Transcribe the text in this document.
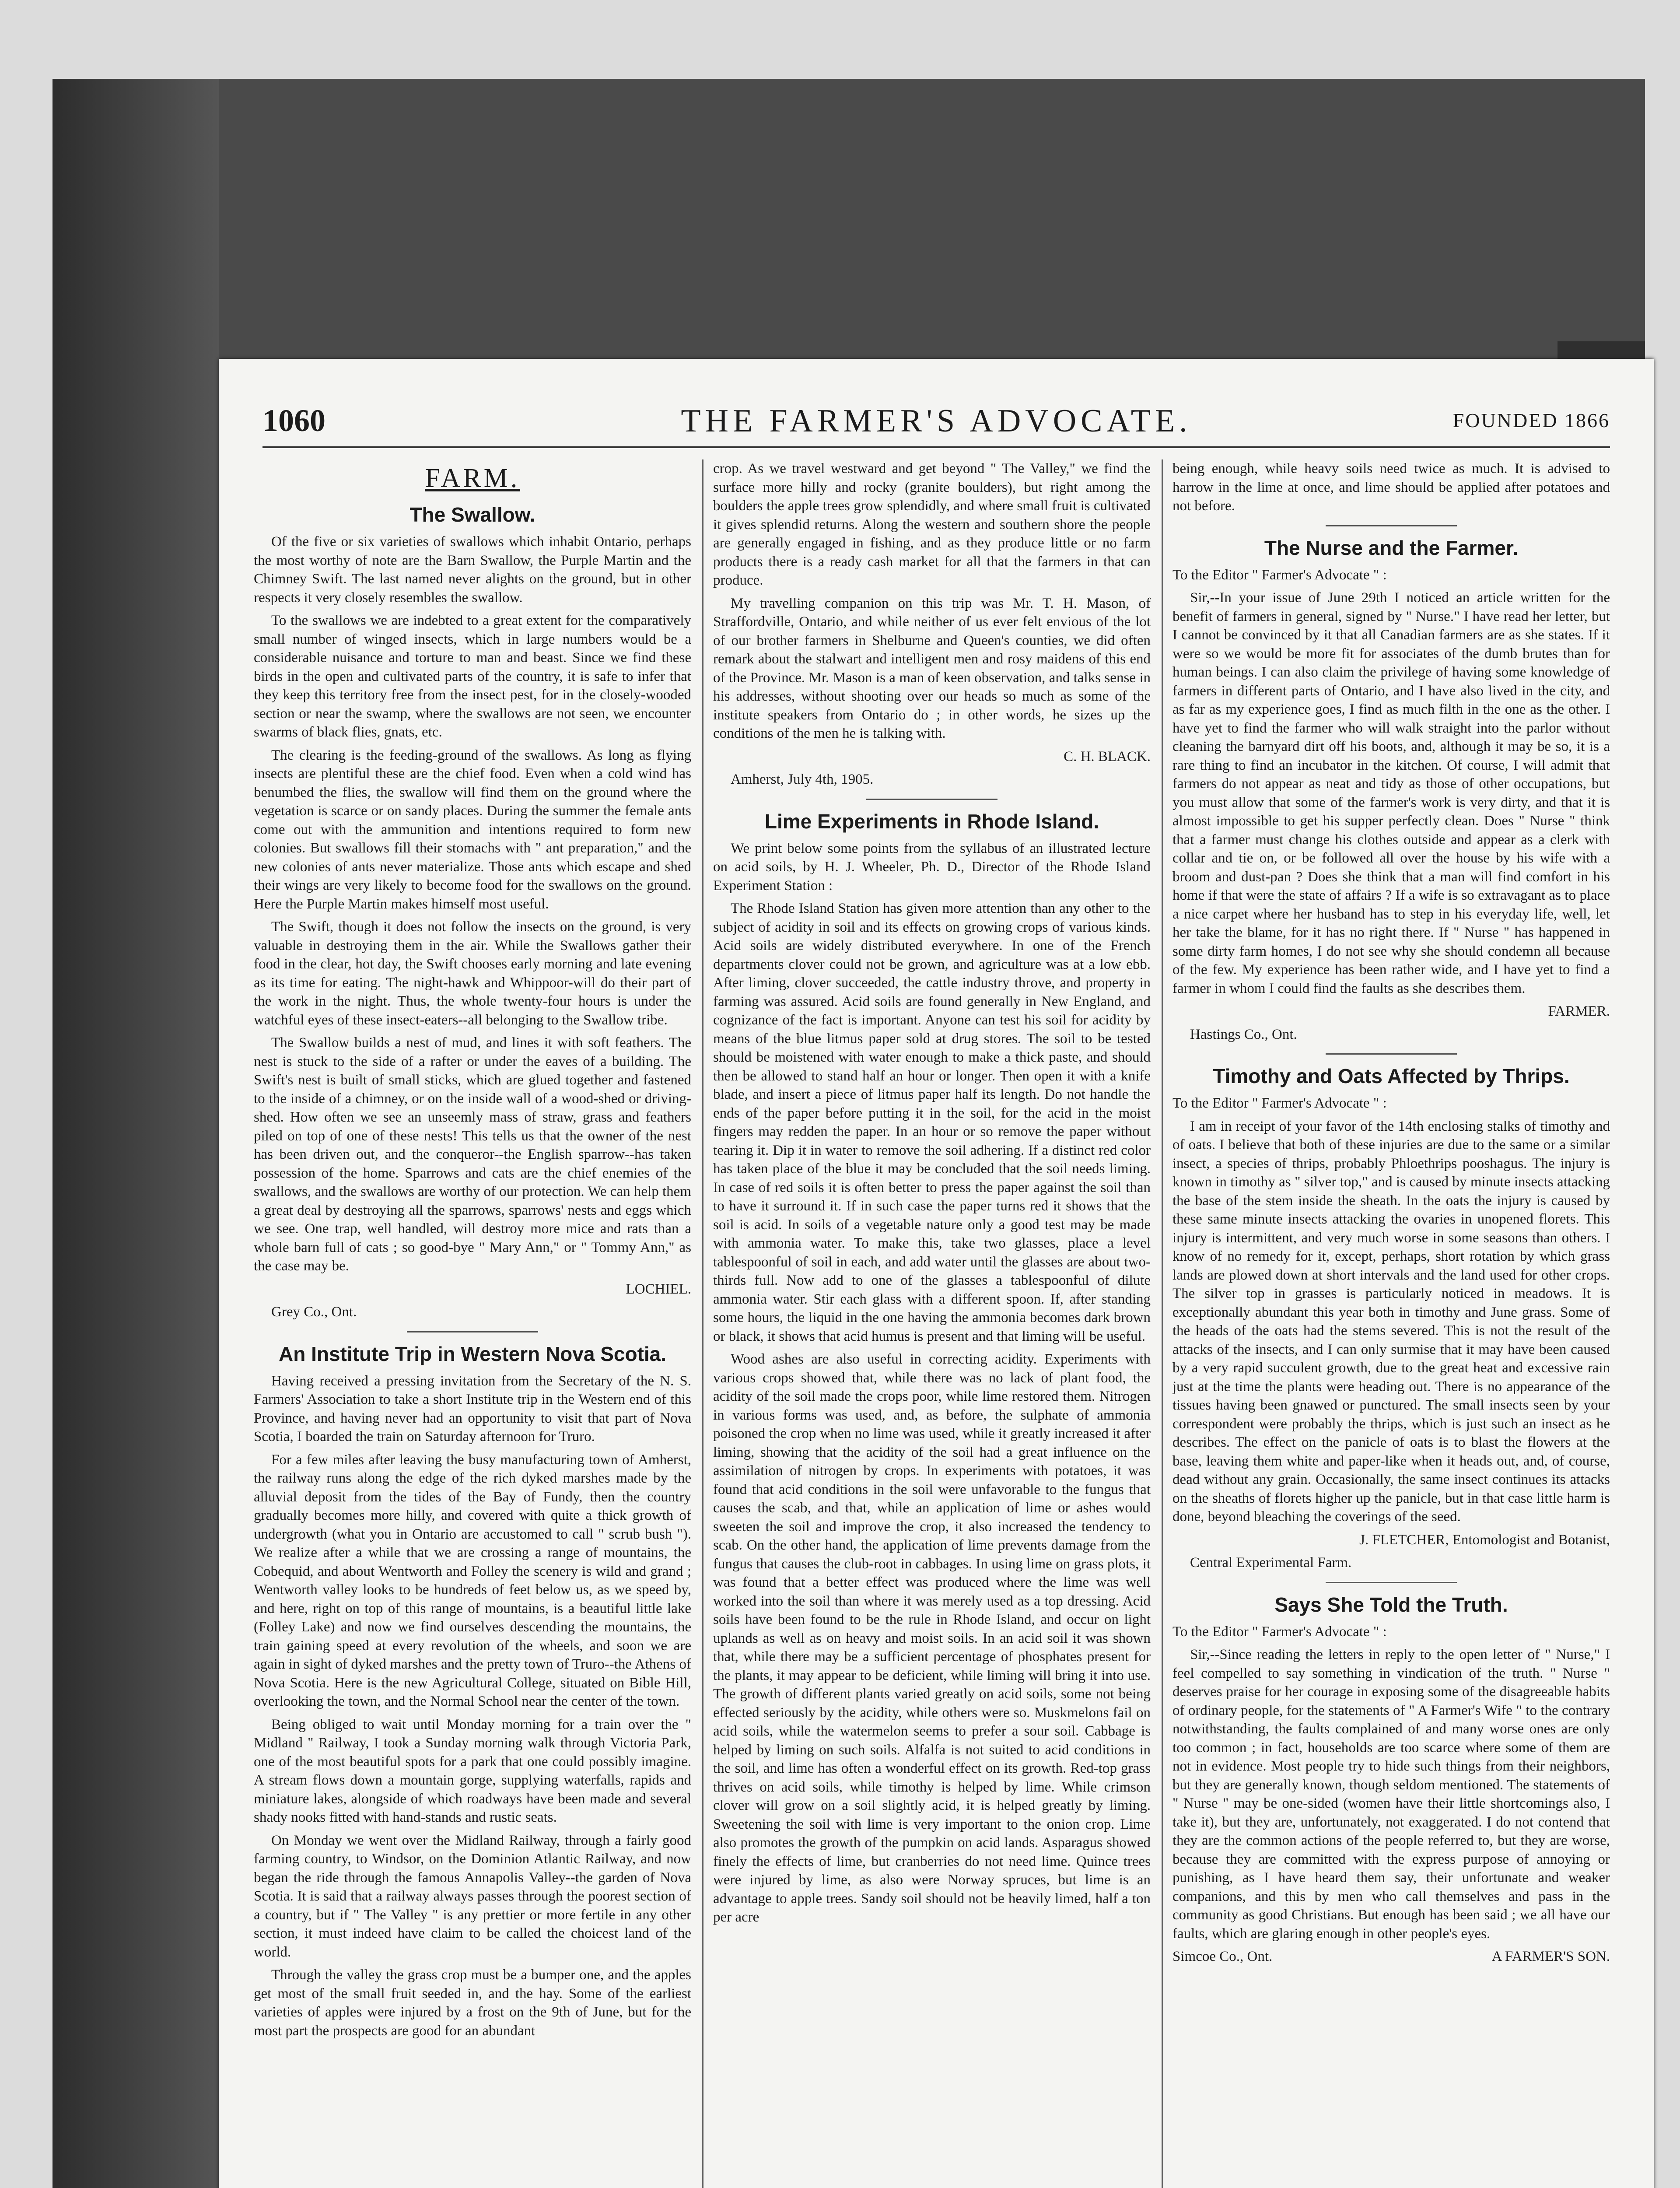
1060	THE FARMER'S ADVOCATE.	FOUNDED 1866
FARM.
The Swallow.

Of the five or six varieties of swallows which inhabit Ontario, perhaps the most worthy of note are the Barn Swallow, the Purple Martin and the Chimney Swift. The last named never alights on the ground, but in other respects it very closely resembles the swallow.

To the swallows we are indebted to a great extent for the comparatively small number of winged insects, which in large numbers would be a considerable nuisance and torture to man and beast. Since we find these birds in the open and cultivated parts of the country, it is safe to infer that they keep this territory free from the insect pest, for in the closely-wooded section or near the swamp, where the swallows are not seen, we encounter swarms of black flies, gnats, etc.

The clearing is the feeding-ground of the swallows. As long as flying insects are plentiful these are the chief food. Even when a cold wind has benumbed the flies, the swallow will find them on the ground where the vegetation is scarce or on sandy places. During the summer the female ants come out with the ammunition and intentions required to form new colonies. But swallows fill their stomachs with " ant preparation," and the new colonies of ants never materialize. Those ants which escape and shed their wings are very likely to become food for the swallows on the ground. Here the Purple Martin makes himself most useful.

The Swift, though it does not follow the insects on the ground, is very valuable in destroying them in the air. While the Swallows gather their food in the clear, hot day, the Swift chooses early morning and late evening as its time for eating. The night-hawk and Whippoor-will do their part of the work in the night. Thus, the whole twenty-four hours is under the watchful eyes of these insect-eaters--all belonging to the Swallow tribe.

The Swallow builds a nest of mud, and lines it with soft feathers. The nest is stuck to the side of a rafter or under the eaves of a building. The Swift's nest is built of small sticks, which are glued together and fastened to the inside of a chimney, or on the inside wall of a wood-shed or driving-shed. How often we see an unseemly mass of straw, grass and feathers piled on top of one of these nests! This tells us that the owner of the nest has been driven out, and the conqueror--the English sparrow--has taken possession of the home. Sparrows and cats are the chief enemies of the swallows, and the swallows are worthy of our protection. We can help them a great deal by destroying all the sparrows, sparrows' nests and eggs which we see. One trap, well handled, will destroy more mice and rats than a whole barn full of cats ; so good-bye " Mary Ann," or " Tommy Ann," as the case may be.

LOCHIEL.

Grey Co., Ont.

An Institute Trip in Western Nova Scotia.

Having received a pressing invitation from the Secretary of the N. S. Farmers' Association to take a short Institute trip in the Western end of this Province, and having never had an opportunity to visit that part of Nova Scotia, I boarded the train on Saturday afternoon for Truro.

For a few miles after leaving the busy manufacturing town of Amherst, the railway runs along the edge of the rich dyked marshes made by the alluvial deposit from the tides of the Bay of Fundy, then the country gradually becomes more hilly, and covered with quite a thick growth of undergrowth (what you in Ontario are accustomed to call " scrub bush "). We realize after a while that we are crossing a range of mountains, the Cobequid, and about Wentworth and Folley the scenery is wild and grand ; Wentworth valley looks to be hundreds of feet below us, as we speed by, and here, right on top of this range of mountains, is a beautiful little lake (Folley Lake) and now we find ourselves descending the mountains, the train gaining speed at every revolution of the wheels, and soon we are again in sight of dyked marshes and the pretty town of Truro--the Athens of Nova Scotia. Here is the new Agricultural College, situated on Bible Hill, overlooking the town, and the Normal School near the center of the town.

Being obliged to wait until Monday morning for a train over the " Midland " Railway, I took a Sunday morning walk through Victoria Park, one of the most beautiful spots for a park that one could possibly imagine. A stream flows down a mountain gorge, supplying waterfalls, rapids and miniature lakes, alongside of which roadways have been made and several shady nooks fitted with hand-stands and rustic seats.

On Monday we went over the Midland Railway, through a fairly good farming country, to Windsor, on the Dominion Atlantic Railway, and now began the ride through the famous Annapolis Valley--the garden of Nova Scotia. It is said that a railway always passes through the poorest section of a country, but if " The Valley " is any prettier or more fertile in any other section, it must indeed have claim to be called the choicest land of the world.

Through the valley the grass crop must be a bumper one, and the apples get most of the small fruit seeded in, and the hay. Some of the earliest varieties of apples were injured by a frost on the 9th of June, but for the most part the prospects are good for an abundant

crop. As we travel westward and get beyond " The Valley," we find the surface more hilly and rocky (granite boulders), but right among the boulders the apple trees grow splendidly, and where small fruit is cultivated it gives splendid returns. Along the western and southern shore the people are generally engaged in fishing, and as they produce little or no farm products there is a ready cash market for all that the farmers in that can produce.

My travelling companion on this trip was Mr. T. H. Mason, of Straffordville, Ontario, and while neither of us ever felt envious of the lot of our brother farmers in Shelburne and Queen's counties, we did often remark about the stalwart and intelligent men and rosy maidens of this end of the Province. Mr. Mason is a man of keen observation, and talks sense in his addresses, without shooting over our heads so much as some of the institute speakers from Ontario do ; in other words, he sizes up the conditions of the men he is talking with.

C. H. BLACK.

Amherst, July 4th, 1905.

Lime Experiments in Rhode Island.

We print below some points from the syllabus of an illustrated lecture on acid soils, by H. J. Wheeler, Ph. D., Director of the Rhode Island Experiment Station :

The Rhode Island Station has given more attention than any other to the subject of acidity in soil and its effects on growing crops of various kinds. Acid soils are widely distributed everywhere. In one of the French departments clover could not be grown, and agriculture was at a low ebb. After liming, clover succeeded, the cattle industry throve, and property in farming was assured. Acid soils are found generally in New England, and cognizance of the fact is important. Anyone can test his soil for acidity by means of the blue litmus paper sold at drug stores. The soil to be tested should be moistened with water enough to make a thick paste, and should then be allowed to stand half an hour or longer. Then open it with a knife blade, and insert a piece of litmus paper half its length. Do not handle the ends of the paper before putting it in the soil, for the acid in the moist fingers may redden the paper. In an hour or so remove the paper without tearing it. Dip it in water to remove the soil adhering. If a distinct red color has taken place of the blue it may be concluded that the soil needs liming. In case of red soils it is often better to press the paper against the soil than to have it surround it. If in such case the paper turns red it shows that the soil is acid. In soils of a vegetable nature only a good test may be made with ammonia water. To make this, take two glasses, place a level tablespoonful of soil in each, and add water until the glasses are about two-thirds full. Now add to one of the glasses a tablespoonful of dilute ammonia water. Stir each glass with a different spoon. If, after standing some hours, the liquid in the one having the ammonia becomes dark brown or black, it shows that acid humus is present and that liming will be useful.

Wood ashes are also useful in correcting acidity. Experiments with various crops showed that, while there was no lack of plant food, the acidity of the soil made the crops poor, while lime restored them. Nitrogen in various forms was used, and, as before, the sulphate of ammonia poisoned the crop when no lime was used, while it greatly increased it after liming, showing that the acidity of the soil had a great influence on the assimilation of nitrogen by crops. In experiments with potatoes, it was found that acid conditions in the soil were unfavorable to the fungus that causes the scab, and that, while an application of lime or ashes would sweeten the soil and improve the crop, it also increased the tendency to scab. On the other hand, the application of lime prevents damage from the fungus that causes the club-root in cabbages. In using lime on grass plots, it was found that a better effect was produced where the lime was well worked into the soil than where it was merely used as a top dressing. Acid soils have been found to be the rule in Rhode Island, and occur on light uplands as well as on heavy and moist soils. In an acid soil it was shown that, while there may be a sufficient percentage of phosphates present for the plants, it may appear to be deficient, while liming will bring it into use. The growth of different plants varied greatly on acid soils, some not being effected seriously by the acidity, while others were so. Muskmelons fail on acid soils, while the watermelon seems to prefer a sour soil. Cabbage is helped by liming on such soils. Alfalfa is not suited to acid conditions in the soil, and lime has often a wonderful effect on its growth. Red-top grass thrives on acid soils, while timothy is helped by lime. While crimson clover will grow on a soil slightly acid, it is helped greatly by liming. Sweetening the soil with lime is very important to the onion crop. Lime also promotes the growth of the pumpkin on acid lands. Asparagus showed finely the effects of lime, but cranberries do not need lime. Quince trees were injured by lime, as also were Norway spruces, but lime is an advantage to apple trees. Sandy soil should not be heavily limed, half a ton per acre

being enough, while heavy soils need twice as much. It is advised to harrow in the lime at once, and lime should be applied after potatoes and not before.

The Nurse and the Farmer.

To the Editor " Farmer's Advocate " :

Sir,--In your issue of June 29th I noticed an article written for the benefit of farmers in general, signed by " Nurse." I have read her letter, but I cannot be convinced by it that all Canadian farmers are as she states. If it were so we would be more fit for associates of the dumb brutes than for human beings. I can also claim the privilege of having some knowledge of farmers in different parts of Ontario, and I have also lived in the city, and as far as my experience goes, I find as much filth in the one as the other. I have yet to find the farmer who will walk straight into the parlor without cleaning the barnyard dirt off his boots, and, although it may be so, it is a rare thing to find an incubator in the kitchen. Of course, I will admit that farmers do not appear as neat and tidy as those of other occupations, but you must allow that some of the farmer's work is very dirty, and that it is almost impossible to get his supper perfectly clean. Does " Nurse " think that a farmer must change his clothes outside and appear as a clerk with collar and tie on, or be followed all over the house by his wife with a broom and dust-pan ? Does she think that a man will find comfort in his home if that were the state of affairs ? If a wife is so extravagant as to place a nice carpet where her husband has to step in his everyday life, well, let her take the blame, for it has no right there. If " Nurse " has happened in some dirty farm homes, I do not see why she should condemn all because of the few. My experience has been rather wide, and I have yet to find a farmer in whom I could find the faults as she describes them.

FARMER.

Hastings Co., Ont.

Timothy and Oats Affected by Thrips.

To the Editor " Farmer's Advocate " :

I am in receipt of your favor of the 14th enclosing stalks of timothy and of oats. I believe that both of these injuries are due to the same or a similar insect, a species of thrips, probably Phloethrips pooshagus. The injury is known in timothy as " silver top," and is caused by minute insects attacking the base of the stem inside the sheath. In the oats the injury is caused by these same minute insects attacking the ovaries in unopened florets. This injury is intermittent, and very much worse in some seasons than others. I know of no remedy for it, except, perhaps, short rotation by which grass lands are plowed down at short intervals and the land used for other crops. The silver top in grasses is particularly noticed in meadows. It is exceptionally abundant this year both in timothy and June grass. Some of the heads of the oats had the stems severed. This is not the result of the attacks of the insects, and I can only surmise that it may have been caused by a very rapid succulent growth, due to the great heat and excessive rain just at the time the plants were heading out. There is no appearance of the tissues having been gnawed or punctured. The small insects seen by your correspondent were probably the thrips, which is just such an insect as he describes. The effect on the panicle of oats is to blast the flowers at the base, leaving them white and paper-like when it heads out, and, of course, dead without any grain. Occasionally, the same insect continues its attacks on the sheaths of florets higher up the panicle, but in that case little harm is done, beyond bleaching the coverings of the seed.

J. FLETCHER, Entomologist and Botanist,

Central Experimental Farm.

Says She Told the Truth.

To the Editor " Farmer's Advocate " :

Sir,--Since reading the letters in reply to the open letter of " Nurse," I feel compelled to say something in vindication of the truth. " Nurse " deserves praise for her courage in exposing some of the disagreeable habits of ordinary people, for the statements of " A Farmer's Wife " to the contrary notwithstanding, the faults complained of and many worse ones are only too common ; in fact, households are too scarce where some of them are not in evidence. Most people try to hide such things from their neighbors, but they are generally known, though seldom mentioned. The statements of " Nurse " may be one-sided (women have their little shortcomings also, I take it), but they are, unfortunately, not exaggerated. I do not contend that they are the common actions of the people referred to, but they are worse, because they are committed with the express purpose of annoying or punishing, as I have heard them say, their unfortunate and weaker companions, and this by men who call themselves and pass in the community as good Christians. But enough has been said ; we all have our faults, which are glaring enough in other people's eyes.

Simcoe Co., Ont.	A FARMER'S SON.
